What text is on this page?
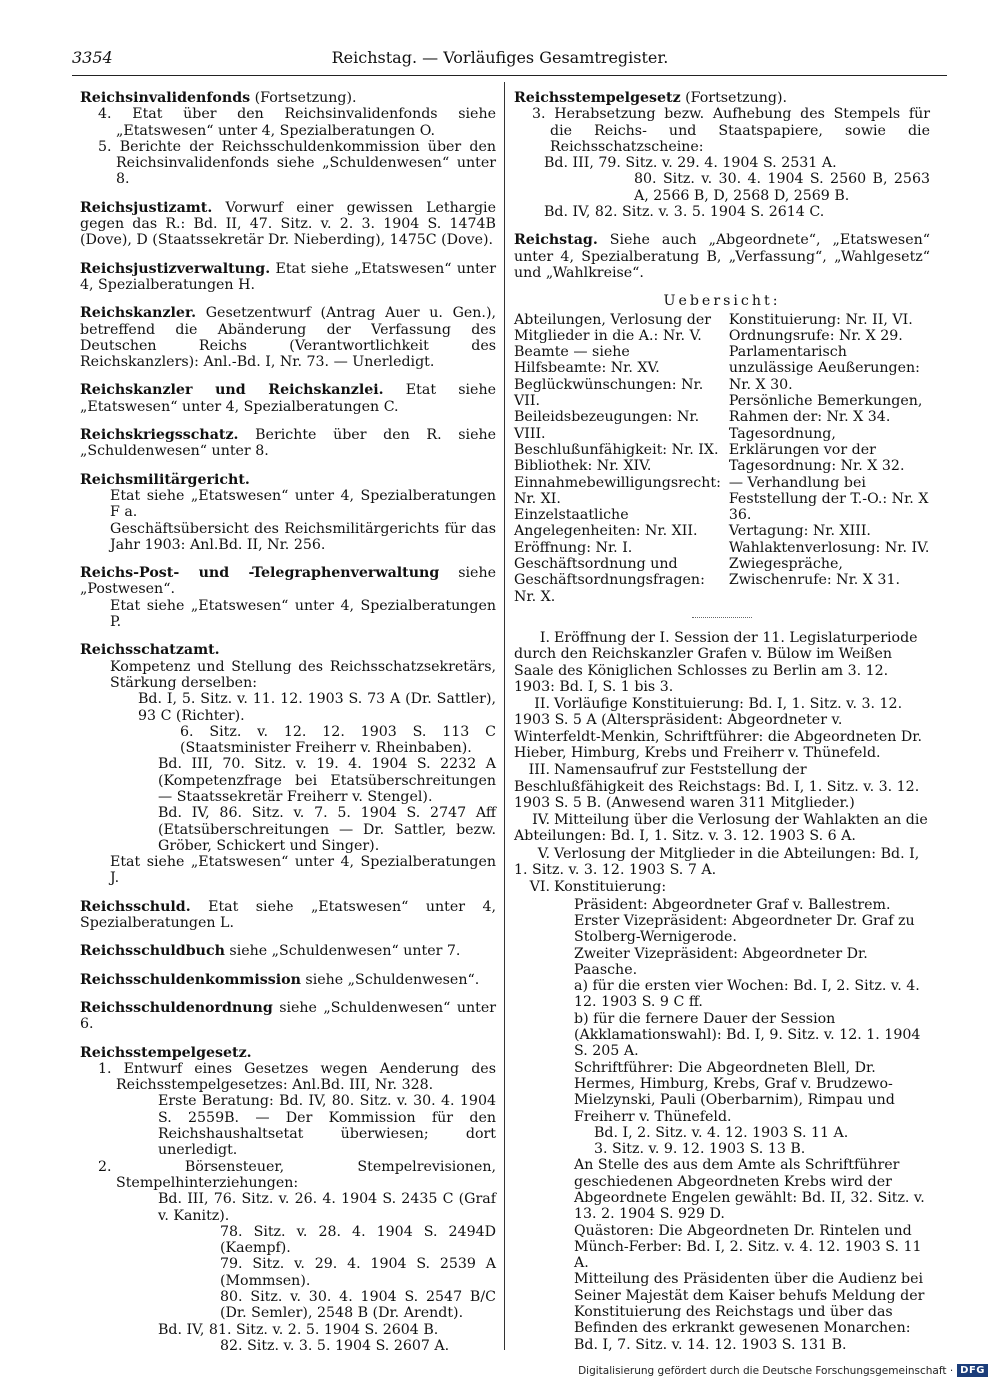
3354	Reichstag. — Vorläufiges Gesamtregister.

Reichsinvalidenfonds (Fortsetzung).

4. Etat über den Reichsinvalidenfonds siehe „Etatswesen“ unter 4, Spezialberatungen O.

5. Berichte der Reichsschuldenkommission über den Reichsinvalidenfonds siehe „Schuldenwesen“ unter 8.

Reichsjustizamt. Vorwurf einer gewissen Lethargie gegen das R.: Bd. II, 47. Sitz. v. 2. 3. 1904 S. 1474B (Dove), D (Staatssekretär Dr. Nieberding), 1475C (Dove).

Reichsjustizverwaltung. Etat siehe „Etatswesen“ unter 4, Spezialberatungen H.

Reichskanzler. Gesetzentwurf (Antrag Auer u. Gen.), betreffend die Abänderung der Verfassung des Deutschen Reichs (Verantwortlichkeit des Reichskanzlers): Anl.-Bd. I, Nr. 73. — Unerledigt.

Reichskanzler und Reichskanzlei. Etat siehe „Etatswesen“ unter 4, Spezialberatungen C.

Reichskriegsschatz. Berichte über den R. siehe „Schuldenwesen“ unter 8.

Reichsmilitärgericht.

Etat siehe „Etatswesen“ unter 4, Spezialberatungen F a.

Geschäftsübersicht des Reichsmilitärgerichts für das Jahr 1903: Anl.Bd. II, Nr. 256.

Reichs-Post- und -Telegraphenverwaltung siehe „Postwesen“.

Etat siehe „Etatswesen“ unter 4, Spezialberatungen P.

Reichsschatzamt.

Kompetenz und Stellung des Reichsschatzsekretärs, Stärkung derselben:

Bd. I, 5. Sitz. v. 11. 12. 1903 S. 73 A (Dr. Sattler), 93 C (Richter).

6. Sitz. v. 12. 12. 1903 S. 113 C (Staatsminister Freiherr v. Rheinbaben).

Bd. III, 70. Sitz. v. 19. 4. 1904 S. 2232 A (Kompetenzfrage bei Etatsüberschreitungen — Staatssekretär Freiherr v. Stengel).

Bd. IV, 86. Sitz. v. 7. 5. 1904 S. 2747 Aff (Etatsüberschreitungen — Dr. Sattler, bezw. Gröber, Schickert und Singer).

Etat siehe „Etatswesen“ unter 4, Spezialberatungen J.

Reichsschuld. Etat siehe „Etatswesen“ unter 4, Spezialberatungen L.

Reichsschuldbuch siehe „Schuldenwesen“ unter 7.

Reichsschuldenkommission siehe „Schuldenwesen“.

Reichsschuldenordnung siehe „Schuldenwesen“ unter 6.

Reichsstempelgesetz.

1. Entwurf eines Gesetzes wegen Aenderung des Reichsstempelgesetzes: Anl.Bd. III, Nr. 328.

Erste Beratung: Bd. IV, 80. Sitz. v. 30. 4. 1904 S. 2559B. — Der Kommission für den Reichshaushaltsetat überwiesen; dort unerledigt.

2. Börsensteuer, Stempelrevisionen, Stempelhinterziehungen:

Bd. III, 76. Sitz. v. 26. 4. 1904 S. 2435 C (Graf v. Kanitz).

78. Sitz. v. 28. 4. 1904 S. 2494D (Kaempf).

79. Sitz. v. 29. 4. 1904 S. 2539 A (Mommsen).

80. Sitz. v. 30. 4. 1904 S. 2547 B/C (Dr. Semler), 2548 B (Dr. Arendt).

Bd. IV, 81. Sitz. v. 2. 5. 1904 S. 2604 B.

82. Sitz. v. 3. 5. 1904 S. 2607 A.

Reichsstempelgesetz (Fortsetzung).

3. Herabsetzung bezw. Aufhebung des Stempels für die Reichs- und Staatspapiere, sowie die Reichsschatzscheine:

Bd. III, 79. Sitz. v. 29. 4. 1904 S. 2531 A.

80. Sitz. v. 30. 4. 1904 S. 2560 B, 2563 A, 2566 B, D, 2568 D, 2569 B.

Bd. IV, 82. Sitz. v. 3. 5. 1904 S. 2614 C.

Reichstag. Siehe auch „Abgeordnete“, „Etatswesen“ unter 4, Spezialberatung B, „Verfassung“, „Wahlgesetz“ und „Wahlkreise“.

Uebersicht:

Abteilungen, Verlosung der Mitglieder in die A.: Nr. V.

Beamte — siehe Hilfsbeamte: Nr. XV.

Beglückwünschungen: Nr. VII.

Beileidsbezeugungen: Nr. VIII.

Beschlußunfähigkeit: Nr. IX.

Bibliothek: Nr. XIV.

Einnahmebewilligungsrecht: Nr. XI.

Einzelstaatliche Angelegenheiten: Nr. XII.

Eröffnung: Nr. I.

Geschäftsordnung und Geschäftsordnungsfragen: Nr. X.

Konstituierung: Nr. II, VI.

Ordnungsrufe: Nr. X 29.

Parlamentarisch unzulässige Aeußerungen: Nr. X 30.

Persönliche Bemerkungen, Rahmen der: Nr. X 34.

Tagesordnung, Erklärungen vor der Tagesordnung: Nr. X 32.

— Verhandlung bei Feststellung der T.-O.: Nr. X 36.

Vertagung: Nr. XIII.

Wahlaktenverlosung: Nr. IV.

Zwiegespräche, Zwischenrufe: Nr. X 31.

I. Eröffnung der I. Session der 11. Legislaturperiode durch den Reichskanzler Grafen v. Bülow im Weißen Saale des Königlichen Schlosses zu Berlin am 3. 12. 1903: Bd. I, S. 1 bis 3.

II. Vorläufige Konstituierung: Bd. I, 1. Sitz. v. 3. 12. 1903 S. 5 A (Alterspräsident: Abgeordneter v. Winterfeldt-Menkin, Schriftführer: die Abgeordneten Dr. Hieber, Himburg, Krebs und Freiherr v. Thünefeld.

III. Namensaufruf zur Feststellung der Beschlußfähigkeit des Reichstags: Bd. I, 1. Sitz. v. 3. 12. 1903 S. 5 B. (Anwesend waren 311 Mitglieder.)

IV. Mitteilung über die Verlosung der Wahlakten an die Abteilungen: Bd. I, 1. Sitz. v. 3. 12. 1903 S. 6 A.

V. Verlosung der Mitglieder in die Abteilungen: Bd. I, 1. Sitz. v. 3. 12. 1903 S. 7 A.

VI. Konstituierung:

Präsident: Abgeordneter Graf v. Ballestrem.

Erster Vizepräsident: Abgeordneter Dr. Graf zu Stolberg-Wernigerode.

Zweiter Vizepräsident: Abgeordneter Dr. Paasche.

a) für die ersten vier Wochen: Bd. I, 2. Sitz. v. 4. 12. 1903 S. 9 C ff.

b) für die fernere Dauer der Session (Akklamationswahl): Bd. I, 9. Sitz. v. 12. 1. 1904 S. 205 A.

Schriftführer: Die Abgeordneten Blell, Dr. Hermes, Himburg, Krebs, Graf v. Brudzewo-Mielzynski, Pauli (Oberbarnim), Rimpau und Freiherr v. Thünefeld.

Bd. I, 2. Sitz. v. 4. 12. 1903 S. 11 A.

3. Sitz. v. 9. 12. 1903 S. 13 B.

An Stelle des aus dem Amte als Schriftführer geschiedenen Abgeordneten Krebs wird der Abgeordnete Engelen gewählt: Bd. II, 32. Sitz. v. 13. 2. 1904 S. 929 D.

Quästoren: Die Abgeordneten Dr. Rintelen und Münch-Ferber: Bd. I, 2. Sitz. v. 4. 12. 1903 S. 11 A.

Mitteilung des Präsidenten über die Audienz bei Seiner Majestät dem Kaiser behufs Meldung der Konstituierung des Reichstags und über das Befinden des erkrankt gewesenen Monarchen: Bd. I, 7. Sitz. v. 14. 12. 1903 S. 131 B.

Digitalisierung gefördert durch die Deutsche Forschungsgemeinschaft · DFG
